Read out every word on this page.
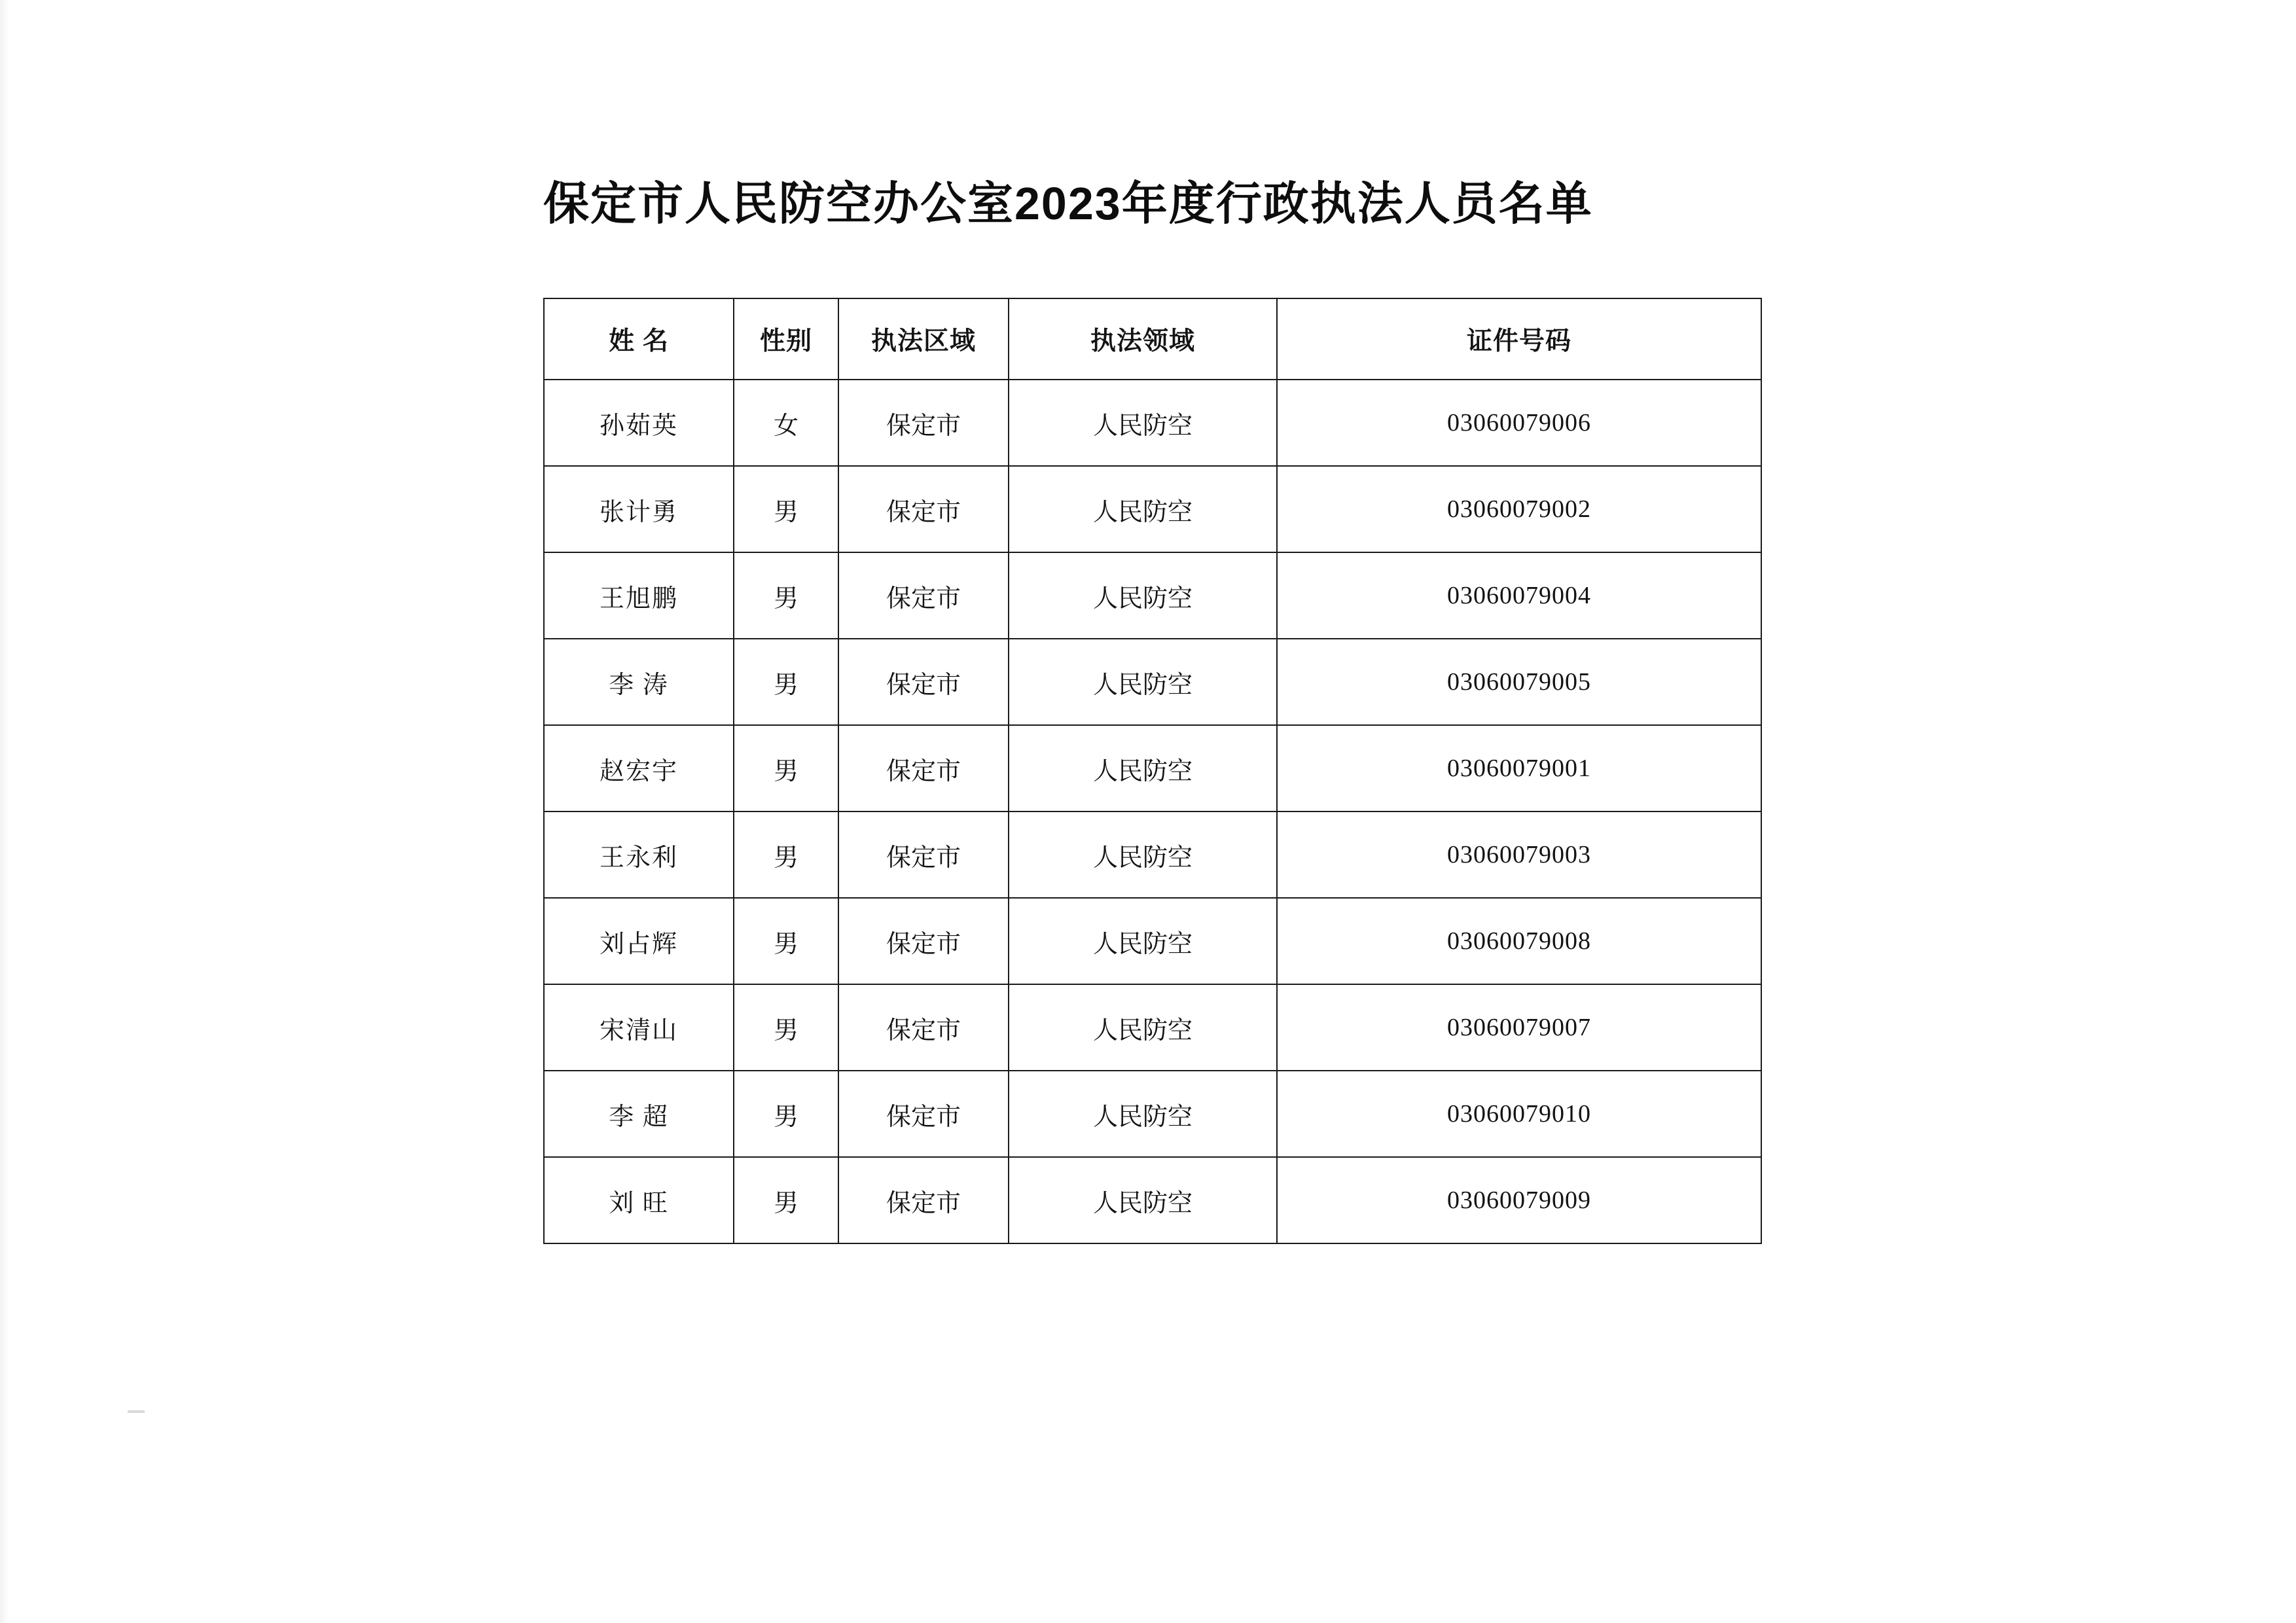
保定市人民防空办公室2023年度行政执法人员名单
姓 名	性别	执法区域	执法领域	证件号码
孙茹英	女	保定市	人民防空	03060079006
张计勇	男	保定市	人民防空	03060079002
王旭鹏	男	保定市	人民防空	03060079004
李 涛	男	保定市	人民防空	03060079005
赵宏宇	男	保定市	人民防空	03060079001
王永利	男	保定市	人民防空	03060079003
刘占辉	男	保定市	人民防空	03060079008
宋清山	男	保定市	人民防空	03060079007
李 超	男	保定市	人民防空	03060079010
刘 旺	男	保定市	人民防空	03060079009
